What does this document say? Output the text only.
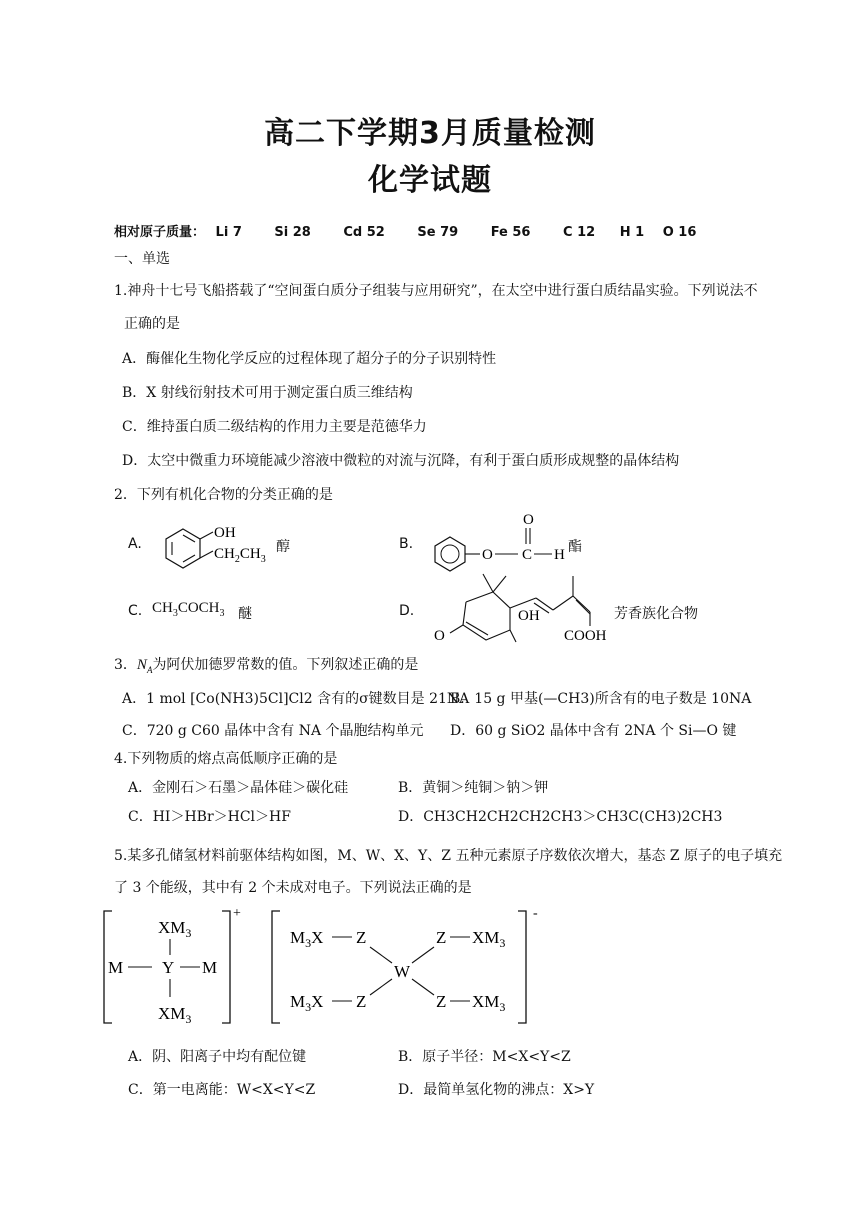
高二下学期3月质量检测
化学试题
相对原子质量： Li 7	Si 28	Cd 52	Se 79	Fe 56	C 12 H 1 O 16
一、单选
1.神舟十七号飞船搭载了“空间蛋白质分子组装与应用研究”，在太空中进行蛋白质结晶实验。下列说法不
正确的是
A．酶催化生物化学反应的过程体现了超分子的分子识别特性
B．X 射线衍射技术可用于测定蛋白质三维结构
C．维持蛋白质二级结构的作用力主要是范德华力
D．太空中微重力环境能减少溶液中微粒的对流与沉降，有利于蛋白质形成规整的晶体结构
2．下列有机化合物的分类正确的是
A.
OH
$CH_2CH_3$
醇	B.
O C H
O
酯
C. $CH_3COCH_3$ 醚	D.
O
OH
COOH
芳香族化合物
3．$N_A$为阿伏加德罗常数的值。下列叙述正确的是
A．1 mol [Co(NH3)5Cl]Cl2 含有的σ键数目是 21NA
B．15 g 甲基(—CH3)所含有的电子数是 10NA
C．720 g C60 晶体中含有 NA 个晶胞结构单元 D．60 g SiO2 晶体中含有 2NA 个 Si—O 键
4.下列物质的熔点高低顺序正确的是
A．金刚石＞石墨＞晶体硅＞碳化硅	B．黄铜＞纯铜＞钠＞钾
C．HI＞HBr＞HCl＞HF	D．CH3CH2CH2CH2CH3＞CH3C(CH3)2CH3
5.某多孔储氢材料前驱体结构如图，M、W、X、Y、Z 五种元素原子序数依次增大，基态 Z 原子的电子填充
了 3 个能级，其中有 2 个未成对电子。下列说法正确的是
+
$XM_3$
M Y M
$XM_3$
-
$M_3X$ Z	Z $XM_3$
W
$M_3X$ Z	Z $XM_3$
A．阴、阳离子中均有配位键	B．原子半径：M<X<Y<Z
C．第一电离能：W<X<Y<Z	D．最简单氢化物的沸点：X>Y
